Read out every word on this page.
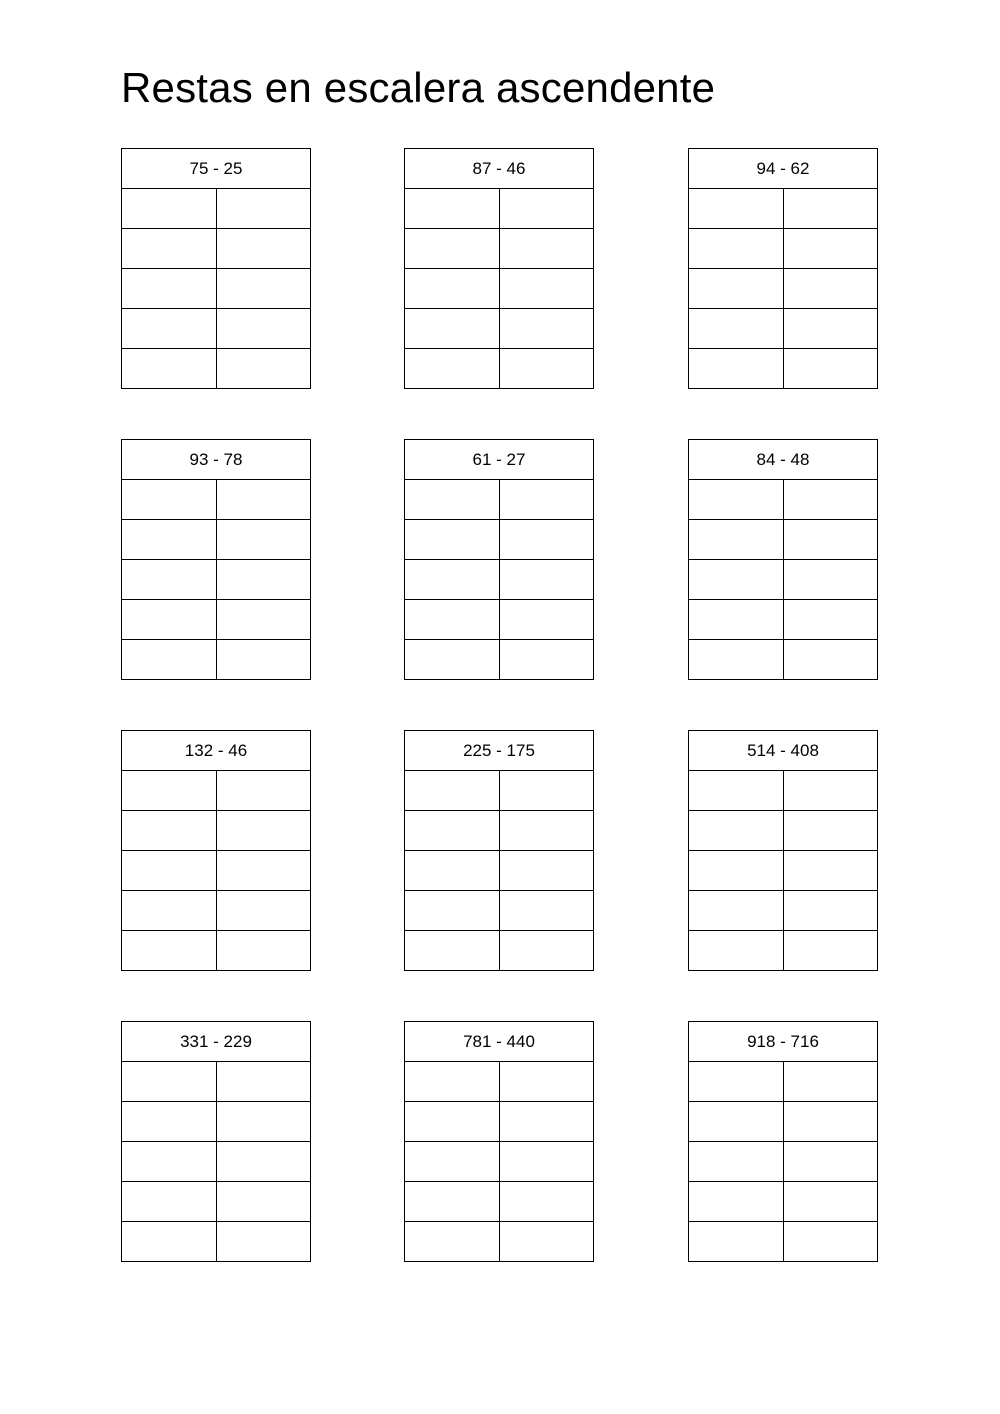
Restas en escalera ascendente
75 - 25	87 - 46	94 - 62
93 - 78	61 - 27	84 - 48
132 - 46	225 - 175	514 - 408
331 - 229	781 - 440	918 - 716
